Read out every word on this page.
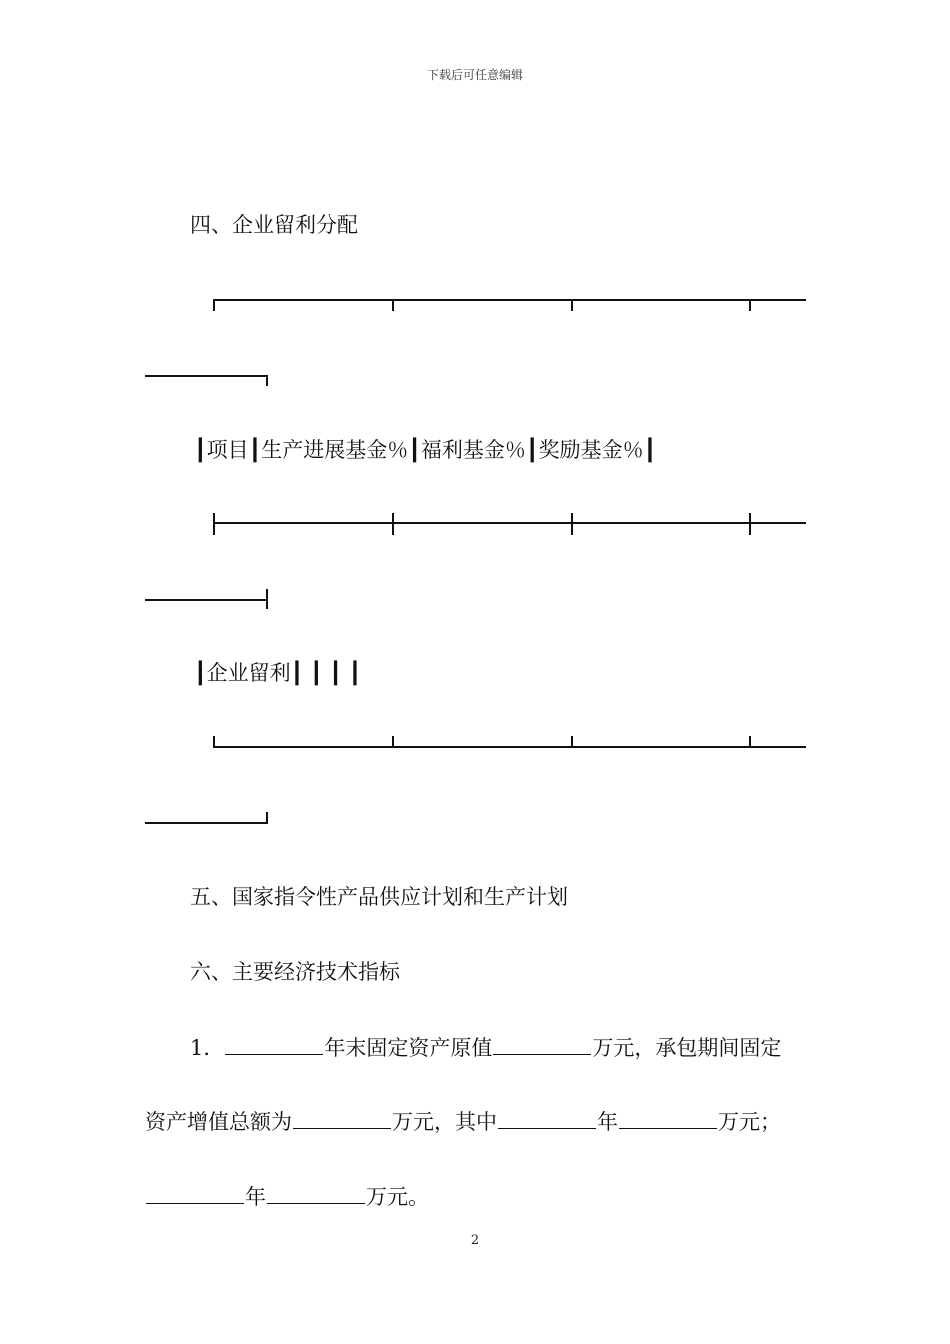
下载后可任意编辑
四、企业留利分配
┃项目┃生产进展基金％┃福利基金％┃奖励基金％┃
┃企业留利┃ ┃ ┃ ┃
五、国家指令性产品供应计划和生产计划
六、主要经济技术指标
1．	年末固定资产原值	万元，承包期间固定
资产增值总额为	万元，其中	年	万元；
年	万元。
2
